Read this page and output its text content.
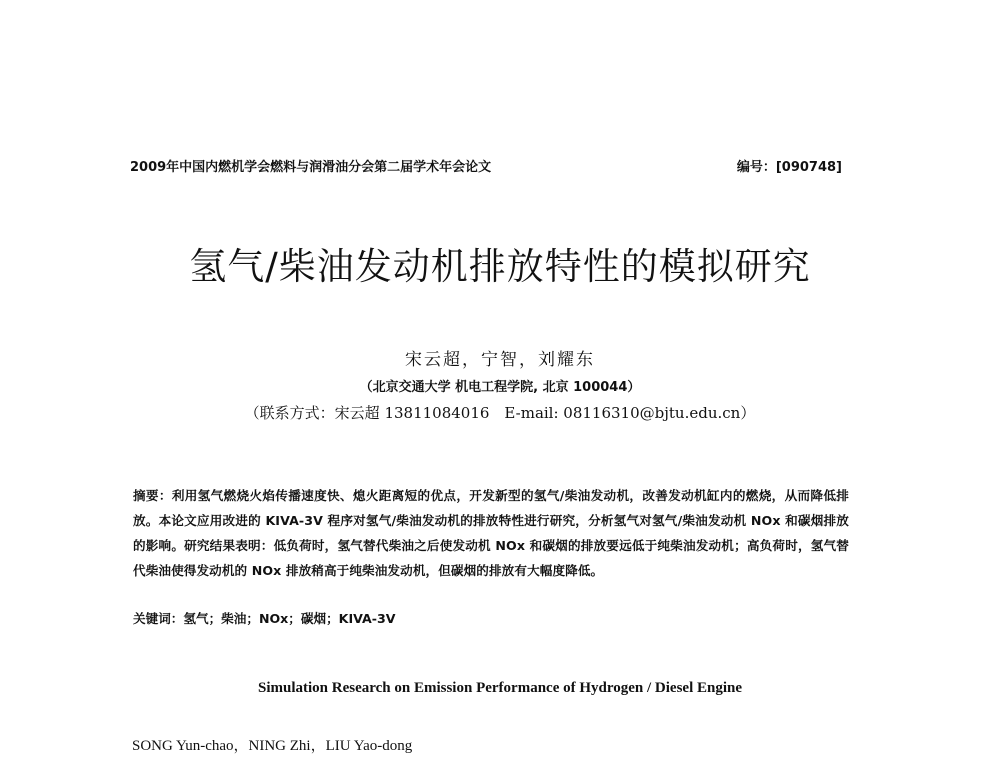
2009年中国内燃机学会燃料与润滑油分会第二届学术年会论文	编号：[090748]
氢气/柴油发动机排放特性的模拟研究
宋云超，宁智，刘耀东
（北京交通大学 机电工程学院, 北京 100044）
（联系方式：宋云超 13811084016　E-mail: 08116310@bjtu.edu.cn）
摘要：利用氢气燃烧火焰传播速度快、熄火距离短的优点，开发新型的氢气/柴油发动机，改善发动机缸内的燃烧，从而降低排放。本论文应用改进的 KIVA-3V 程序对氢气/柴油发动机的排放特性进行研究，分析氢气对氢气/柴油发动机 NOx 和碳烟排放的影响。研究结果表明：低负荷时，氢气替代柴油之后使发动机 NOx 和碳烟的排放要远低于纯柴油发动机；高负荷时，氢气替代柴油使得发动机的 NOx 排放稍高于纯柴油发动机，但碳烟的排放有大幅度降低。
关键词：氢气；柴油；NOx；碳烟；KIVA-3V
Simulation Research on Emission Performance of Hydrogen / Diesel Engine
SONG Yun-chao，NING Zhi，LIU Yao-dong
